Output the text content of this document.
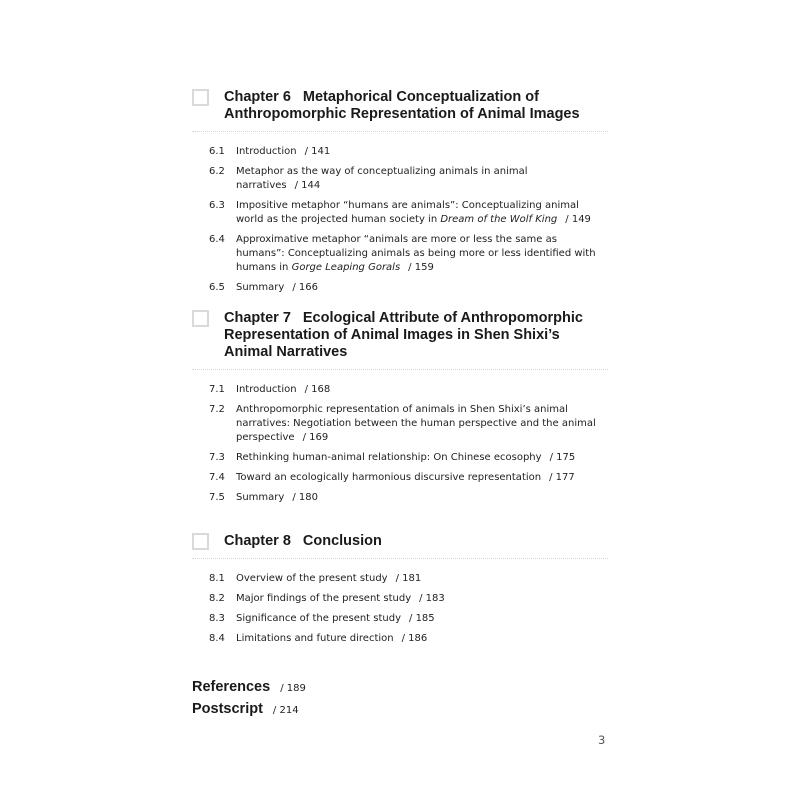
Chapter 6 Metaphorical Conceptualization of Anthropomorphic Representation of Animal Images
6.1 Introduction / 141
6.2 Metaphor as the way of conceptualizing animals in animal narratives / 144
6.3 Impositive metaphor “humans are animals”: Conceptualizing animal world as the projected human society in Dream of the Wolf King / 149
6.4 Approximative metaphor “animals are more or less the same as humans”: Conceptualizing animals as being more or less identified with humans in Gorge Leaping Gorals / 159
6.5 Summary / 166
Chapter 7 Ecological Attribute of Anthropomorphic Representation of Animal Images in Shen Shixi’s Animal Narratives
7.1 Introduction / 168
7.2 Anthropomorphic representation of animals in Shen Shixi’s animal narratives: Negotiation between the human perspective and the animal perspective / 169
7.3 Rethinking human-animal relationship: On Chinese ecosophy / 175
7.4 Toward an ecologically harmonious discursive representation / 177
7.5 Summary / 180
Chapter 8 Conclusion
8.1 Overview of the present study / 181
8.2 Major findings of the present study / 183
8.3 Significance of the present study / 185
8.4 Limitations and future direction / 186
References / 189
Postscript / 214
3
